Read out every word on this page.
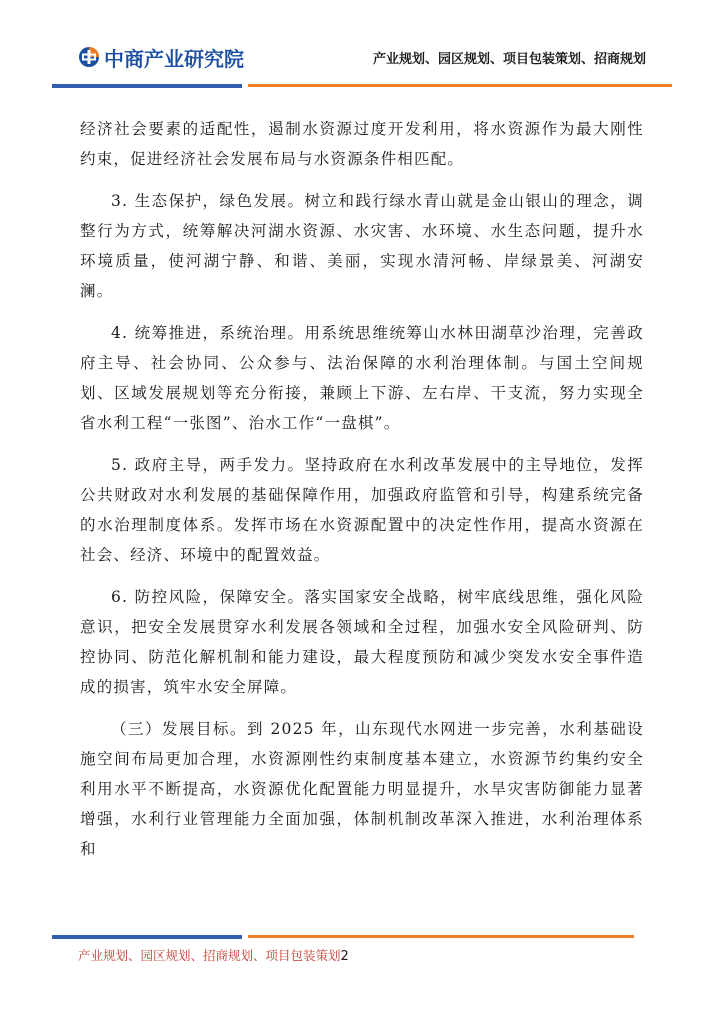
中商产业研究院	产业规划、园区规划、项目包装策划、招商规划

经济社会要素的适配性，遏制水资源过度开发利用，将水资源作为最大刚性约束，促进经济社会发展布局与水资源条件相匹配。

3. 生态保护，绿色发展。树立和践行绿水青山就是金山银山的理念，调整行为方式，统筹解决河湖水资源、水灾害、水环境、水生态问题，提升水环境质量，使河湖宁静、和谐、美丽，实现水清河畅、岸绿景美、河湖安澜。

4. 统筹推进，系统治理。用系统思维统筹山水林田湖草沙治理，完善政府主导、社会协同、公众参与、法治保障的水利治理体制。与国土空间规划、区域发展规划等充分衔接，兼顾上下游、左右岸、干支流，努力实现全省水利工程“一张图”、治水工作“一盘棋”。

5. 政府主导，两手发力。坚持政府在水利改革发展中的主导地位，发挥公共财政对水利发展的基础保障作用，加强政府监管和引导，构建系统完备的水治理制度体系。发挥市场在水资源配置中的决定性作用，提高水资源在社会、经济、环境中的配置效益。

6. 防控风险，保障安全。落实国家安全战略，树牢底线思维，强化风险意识，把安全发展贯穿水利发展各领域和全过程，加强水安全风险研判、防控协同、防范化解机制和能力建设，最大程度预防和减少突发水安全事件造成的损害，筑牢水安全屏障。

（三）发展目标。到 2025 年，山东现代水网进一步完善，水利基础设施空间布局更加合理，水资源刚性约束制度基本建立，水资源节约集约安全利用水平不断提高，水资源优化配置能力明显提升，水旱灾害防御能力显著增强，水利行业管理能力全面加强，体制机制改革深入推进，水利治理体系和

产业规划、园区规划、招商规划、项目包装策划2
